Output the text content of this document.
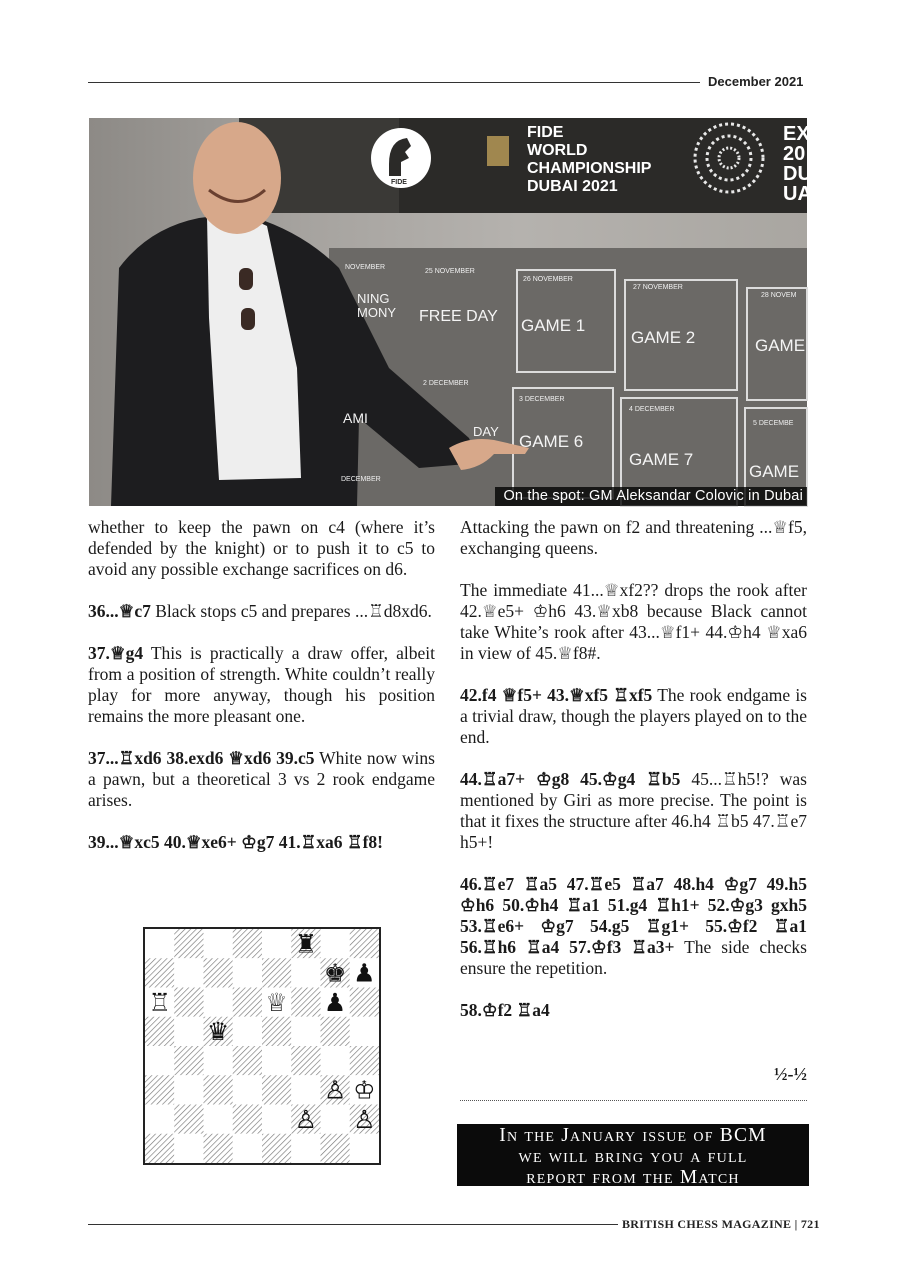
December 2021
FIDE
WORLD
CHAMPIONSHIP
DUBAI 2021
EX
20
DU
UA
FIDE
25 NOVEMBER
FREE DAY
26 NOVEMBER
GAME 1
27 NOVEMBER
GAME 2
28 NOVEM
GAME
3 DECEMBER
GAME 6
4 DECEMBER
GAME 7
5 DECEMBE
GAME
2 DECEMBER
NOVEMBER
NING MONY
DECEMBER
AMI
DAY
On the spot: GM Aleksandar Colovic in Dubai

whether to keep the pawn on c4 (where it’s defended by the knight) or to push it to c5 to avoid any possible exchange sacrifices on d6.

36...♕c7 Black stops c5 and prepares ...♖d8xd6.

37.♕g4 This is practically a draw offer, albeit from a position of strength. White couldn’t really play for more anyway, though his position remains the more pleasant one.

37...♖xd6 38.exd6 ♕xd6 39.c5 White now wins a pawn, but a theoretical 3 vs 2 rook endgame arises.

39...♕xc5 40.♕xe6+ ♔g7 41.♖xa6 ♖f8!

♜
♚ ♟
♖	♕ ♟
♛
♙ ♔
♙ ♙

Attacking the pawn on f2 and threatening ...♕f5, exchanging queens.

The immediate 41...♕xf2?? drops the rook after 42.♕e5+ ♔h6 43.♕xb8 because Black cannot take White’s rook after 43...♕f1+ 44.♔h4 ♕xa6 in view of 45.♕f8#.

42.f4 ♕f5+ 43.♕xf5 ♖xf5 The rook endgame is a trivial draw, though the players played on to the end.

44.♖a7+ ♔g8 45.♔g4 ♖b5 45...♖h5!? was mentioned by Giri as more precise. The point is that it fixes the structure after 46.h4 ♖b5 47.♖e7 h5+!

46.♖e7 ♖a5 47.♖e5 ♖a7 48.h4 ♔g7 49.h5 ♔h6 50.♔h4 ♖a1 51.g4 ♖h1+ 52.♔g3 gxh5 53.♖e6+ ♔g7 54.g5 ♖g1+ 55.♔f2 ♖a1 56.♖h6 ♖a4 57.♔f3 ♖a3+ The side checks ensure the repetition.

58.♔f2 ♖a4

½-½
In the January issue of BCM
we will bring you a full
report from the Match
BRITISH CHESS MAGAZINE | 721
